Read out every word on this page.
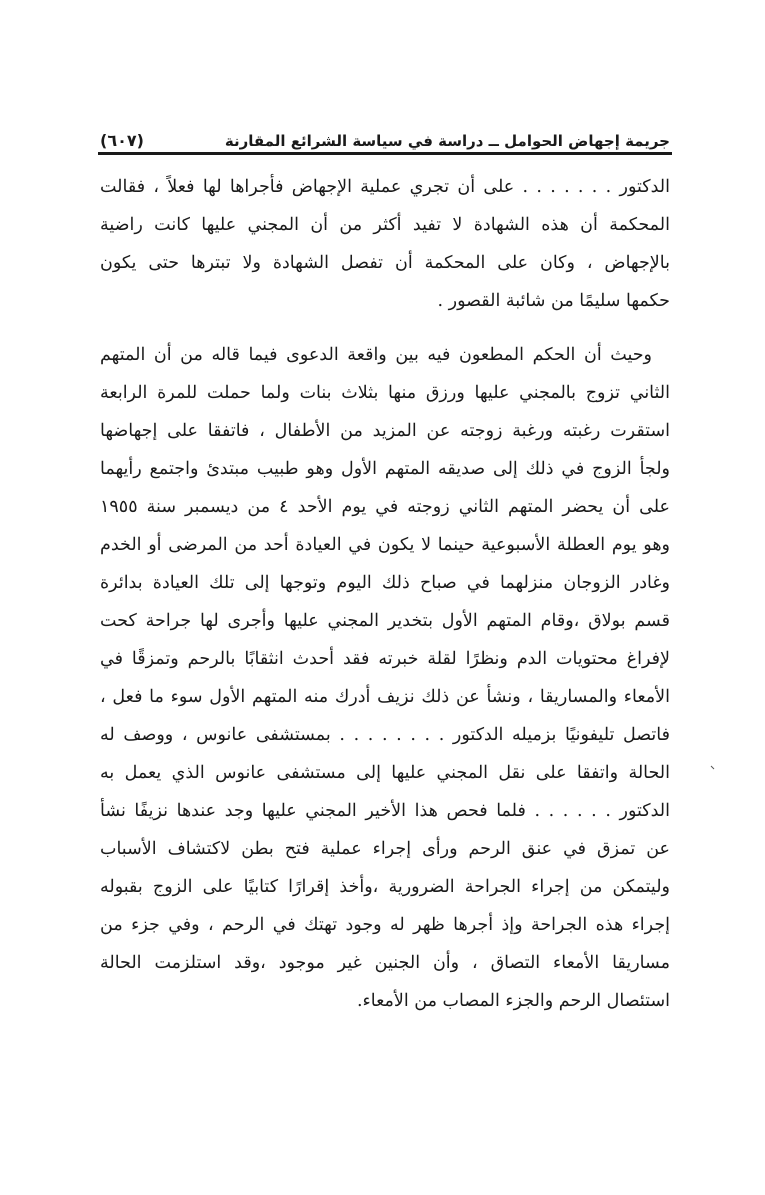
جريمة إجهاض الحوامل ــ دراسة في سياسة الشرائع المقارنة
(٦٠٧)
الدكتور . . . . . . . على أن تجري عملية الإجهاض فأجراها لها فعلاً ، فقالت
المحكمة أن هذه الشهادة لا تفيد أكثر من أن المجني عليها كانت راضية
بالإجهاض ، وكان على المحكمة أن تفصل الشهادة ولا تبترها حتى يكون
حكمها سليمًا من شائبة القصور .
وحيث أن الحكم المطعون فيه بين واقعة الدعوى فيما قاله من أن المتهم
الثاني تزوج بالمجني عليها ورزق منها بثلاث بنات ولما حملت للمرة الرابعة
استقرت رغبته ورغبة زوجته عن المزيد من الأطفال ، فاتفقا على إجهاضها
ولجأ الزوج في ذلك إلى صديقه المتهم الأول وهو طبيب مبتدئ واجتمع رأيهما
على أن يحضر المتهم الثاني زوجته في يوم الأحد ٤ من ديسمبر سنة ١٩٥٥
وهو يوم العطلة الأسبوعية حينما لا يكون في العيادة أحد من المرضى أو الخدم
وغادر الزوجان منزلهما في صباح ذلك اليوم وتوجها إلى تلك العيادة بدائرة
قسم بولاق ،وقام المتهم الأول بتخدير المجني عليها وأجرى لها جراحة كحت
لإفراغ محتويات الدم ونظرًا لقلة خبرته فقد أحدث انثقابًا بالرحم وتمزقًا في
الأمعاء والمساريقا ، ونشأ عن ذلك نزيف أدرك منه المتهم الأول سوء ما فعل ،
فاتصل تليفونيًا بزميله الدكتور . . . . . . . . بمستشفى عانوس ، ووصف له
الحالة واتفقا على نقل المجني عليها إلى مستشفى عانوس الذي يعمل به
الدكتور . . . . . . فلما فحص هذا الأخير المجني عليها وجد عندها نزيفًا نشأ
عن تمزق في عنق الرحم ورأى إجراء عملية فتح بطن لاكتشاف الأسباب
وليتمكن من إجراء الجراحة الضرورية ،وأخذ إقرارًا كتابيًا على الزوج بقبوله
إجراء هذه الجراحة وإذ أجرها ظهر له وجود تهتك في الرحم ، وفي جزء من
مساريقا الأمعاء التصاق ، وأن الجنين غير موجود ،وقد استلزمت الحالة
استئصال الرحم والجزء المصاب من الأمعاء.
